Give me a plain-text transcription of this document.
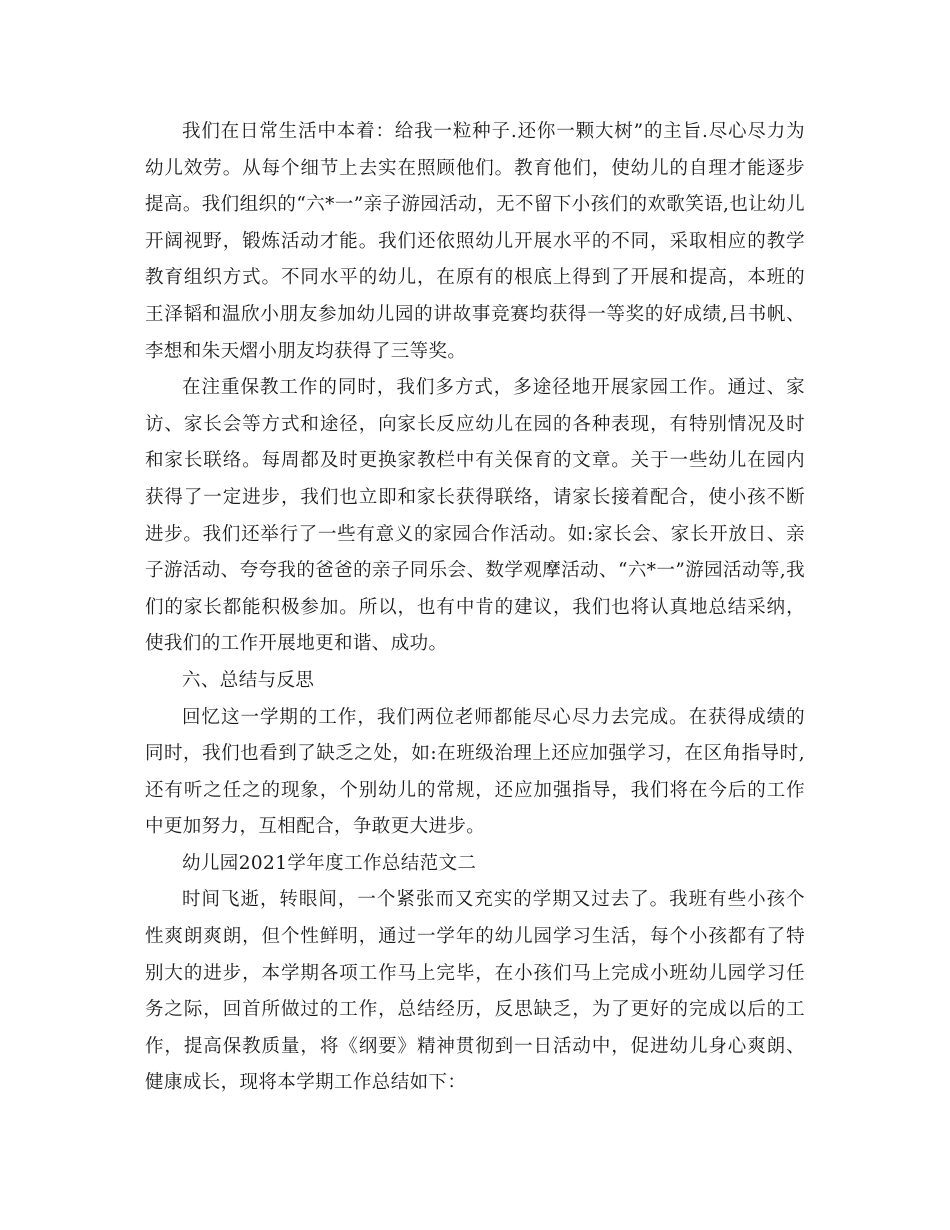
我们在日常生活中本着：给我一粒种子.还你一颗大树”的主旨.尽心尽力为幼儿效劳。从每个细节上去实在照顾他们。教育他们，使幼儿的自理才能逐步提高。我们组织的“六*一”亲子游园活动，无不留下小孩们的欢歌笑语,也让幼儿开阔视野，锻炼活动才能。我们还依照幼儿开展水平的不同，采取相应的教学教育组织方式。不同水平的幼儿，在原有的根底上得到了开展和提高，本班的王泽韬和温欣小朋友参加幼儿园的讲故事竞赛均获得一等奖的好成绩,吕书帆、李想和朱天熠小朋友均获得了三等奖。

在注重保教工作的同时，我们多方式，多途径地开展家园工作。通过、家访、家长会等方式和途径，向家长反应幼儿在园的各种表现，有特别情况及时和家长联络。每周都及时更换家教栏中有关保育的文章。关于一些幼儿在园内获得了一定进步，我们也立即和家长获得联络，请家长接着配合，使小孩不断进步。我们还举行了一些有意义的家园合作活动。如:家长会、家长开放日、亲子游活动、夸夸我的爸爸的亲子同乐会、数学观摩活动、“六*一”游园活动等,我们的家长都能积极参加。所以，也有中肯的建议，我们也将认真地总结采纳，使我们的工作开展地更和谐、成功。

六、总结与反思

回忆这一学期的工作，我们两位老师都能尽心尽力去完成。在获得成绩的同时，我们也看到了缺乏之处，如:在班级治理上还应加强学习，在区角指导时,还有听之任之的现象，个别幼儿的常规，还应加强指导，我们将在今后的工作中更加努力，互相配合，争敢更大进步。

幼儿园2021学年度工作总结范文二

时间飞逝，转眼间，一个紧张而又充实的学期又过去了。我班有些小孩个性爽朗爽朗，但个性鲜明，通过一学年的幼儿园学习生活，每个小孩都有了特别大的进步，本学期各项工作马上完毕，在小孩们马上完成小班幼儿园学习任务之际，回首所做过的工作，总结经历，反思缺乏，为了更好的完成以后的工作，提高保教质量，将《纲要》精神贯彻到一日活动中，促进幼儿身心爽朗、健康成长，现将本学期工作总结如下：
